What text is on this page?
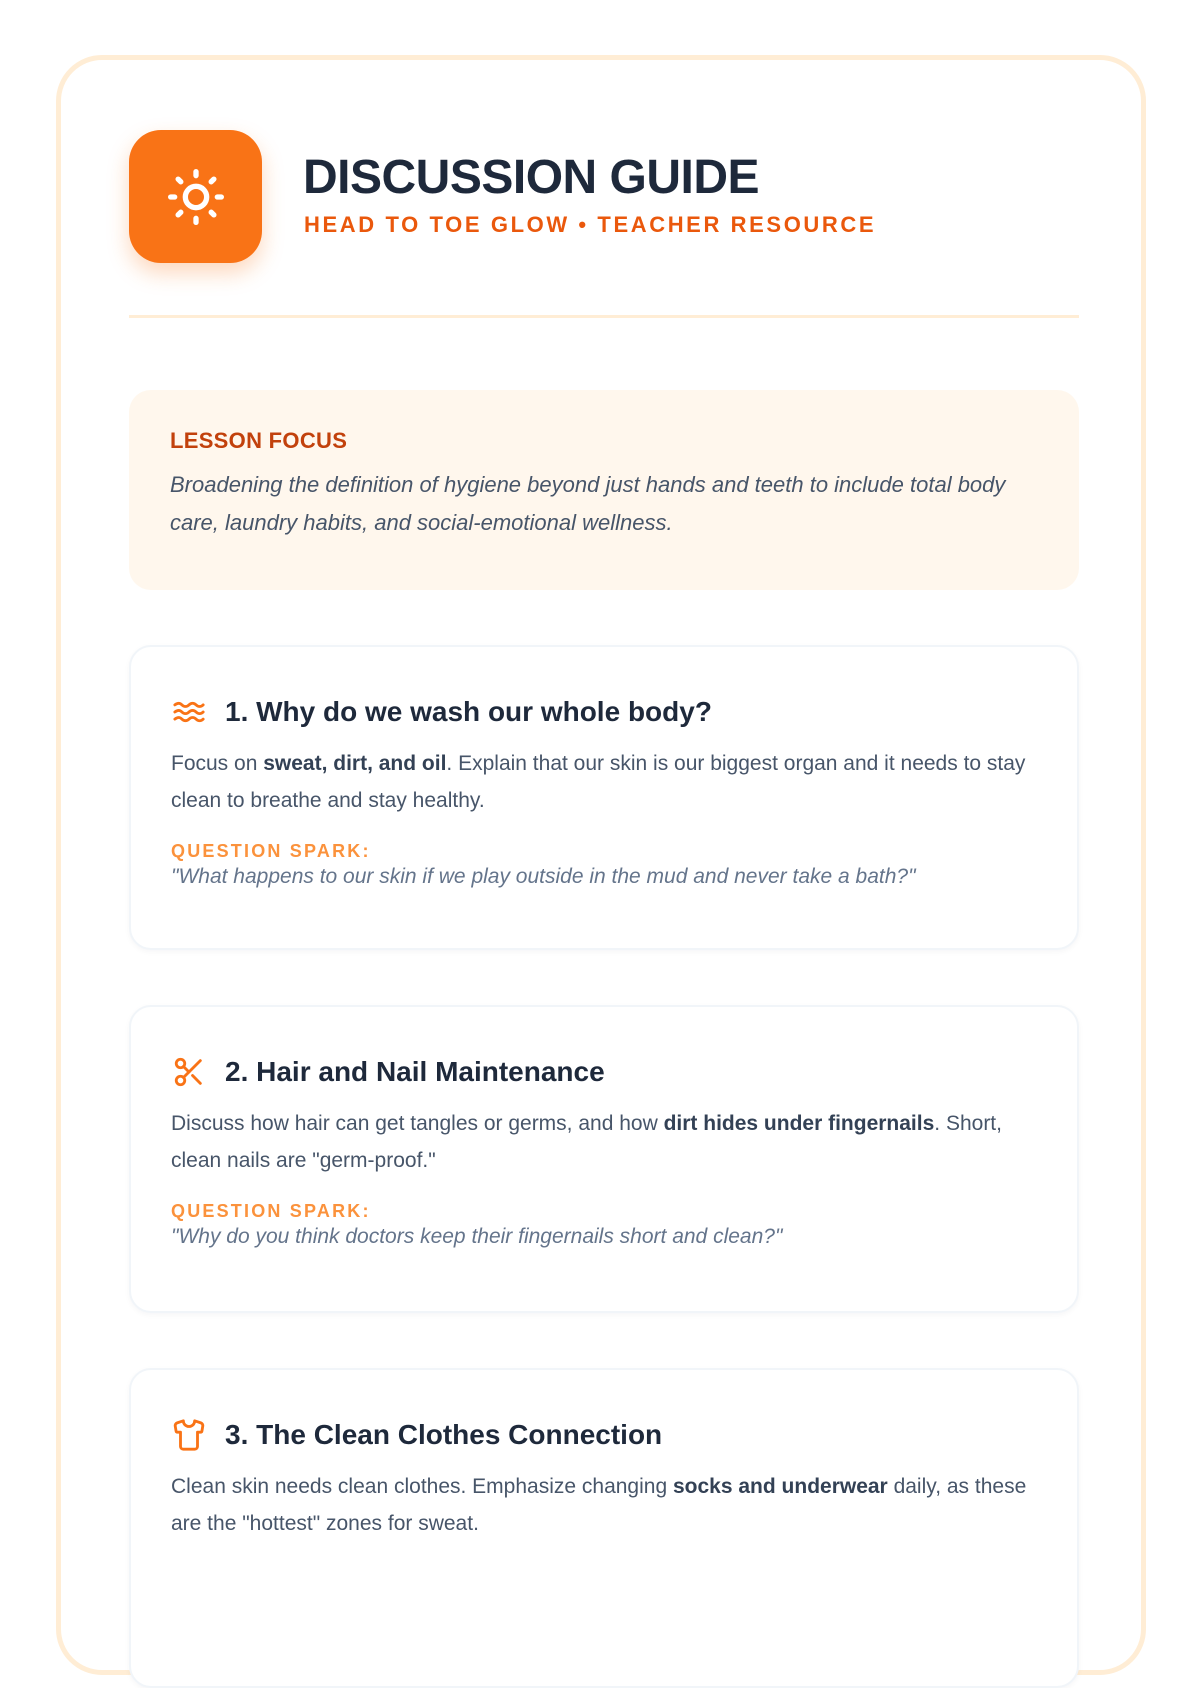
DISCUSSION GUIDE
HEAD TO TOE GLOW • TEACHER RESOURCE
LESSON FOCUS
Broadening the definition of hygiene beyond just hands and teeth to include total body care, laundry habits, and social-emotional wellness.
1. Why do we wash our whole body?

Focus on sweat, dirt, and oil. Explain that our skin is our biggest organ and it needs to stay clean to breathe and stay healthy.

QUESTION SPARK:
"What happens to our skin if we play outside in the mud and never take a bath?"
2. Hair and Nail Maintenance

Discuss how hair can get tangles or germs, and how dirt hides under fingernails. Short, clean nails are "germ-proof."

QUESTION SPARK:
"Why do you think doctors keep their fingernails short and clean?"
3. The Clean Clothes Connection

Clean skin needs clean clothes. Emphasize changing socks and underwear daily, as these are the "hottest" zones for sweat.
